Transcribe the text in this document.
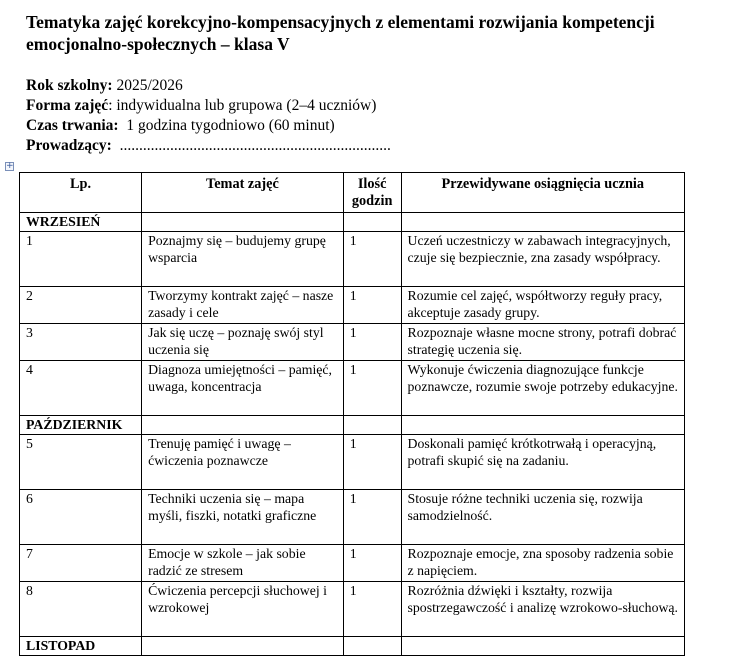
Tematyka zajęć korekcyjno-kompensacyjnych z elementami rozwijania kompetencji emocjonalno-społecznych – klasa V
Rok szkolny: 2025/2026
Forma zajęć: indywidualna lub grupowa (2–4 uczniów)
Czas trwania:  1 godzina tygodniowo (60 minut)
Prowadzący:  ......................................................................
+
Lp.	Temat zajęć	Ilość godzin	Przewidywane osiągnięcia ucznia
WRZESIEŃ			
1	Poznajmy się – budujemy grupę wsparcia	1	Uczeń uczestniczy w zabawach integracyjnych, czuje się bezpiecznie, zna zasady współpracy.
2	Tworzymy kontrakt zajęć – nasze zasady i cele	1	Rozumie cel zajęć, współtworzy reguły pracy, akceptuje zasady grupy.
3	Jak się uczę – poznaję swój styl uczenia się	1	Rozpoznaje własne mocne strony, potrafi dobrać strategię uczenia się.
4	Diagnoza umiejętności – pamięć, uwaga, koncentracja	1	Wykonuje ćwiczenia diagnozujące funkcje poznawcze, rozumie swoje potrzeby edukacyjne.
PAŹDZIERNIK			
5	Trenuję pamięć i uwagę – ćwiczenia poznawcze	1	Doskonali pamięć krótkotrwałą i operacyjną, potrafi skupić się na zadaniu.
6	Techniki uczenia się – mapa myśli, fiszki, notatki graficzne	1	Stosuje różne techniki uczenia się, rozwija samodzielność.
7	Emocje w szkole – jak sobie radzić ze stresem	1	Rozpoznaje emocje, zna sposoby radzenia sobie z napięciem.
8	Ćwiczenia percepcji słuchowej i wzrokowej	1	Rozróżnia dźwięki i kształty, rozwija spostrzegawczość i analizę wzrokowo-słuchową.
LISTOPAD			
